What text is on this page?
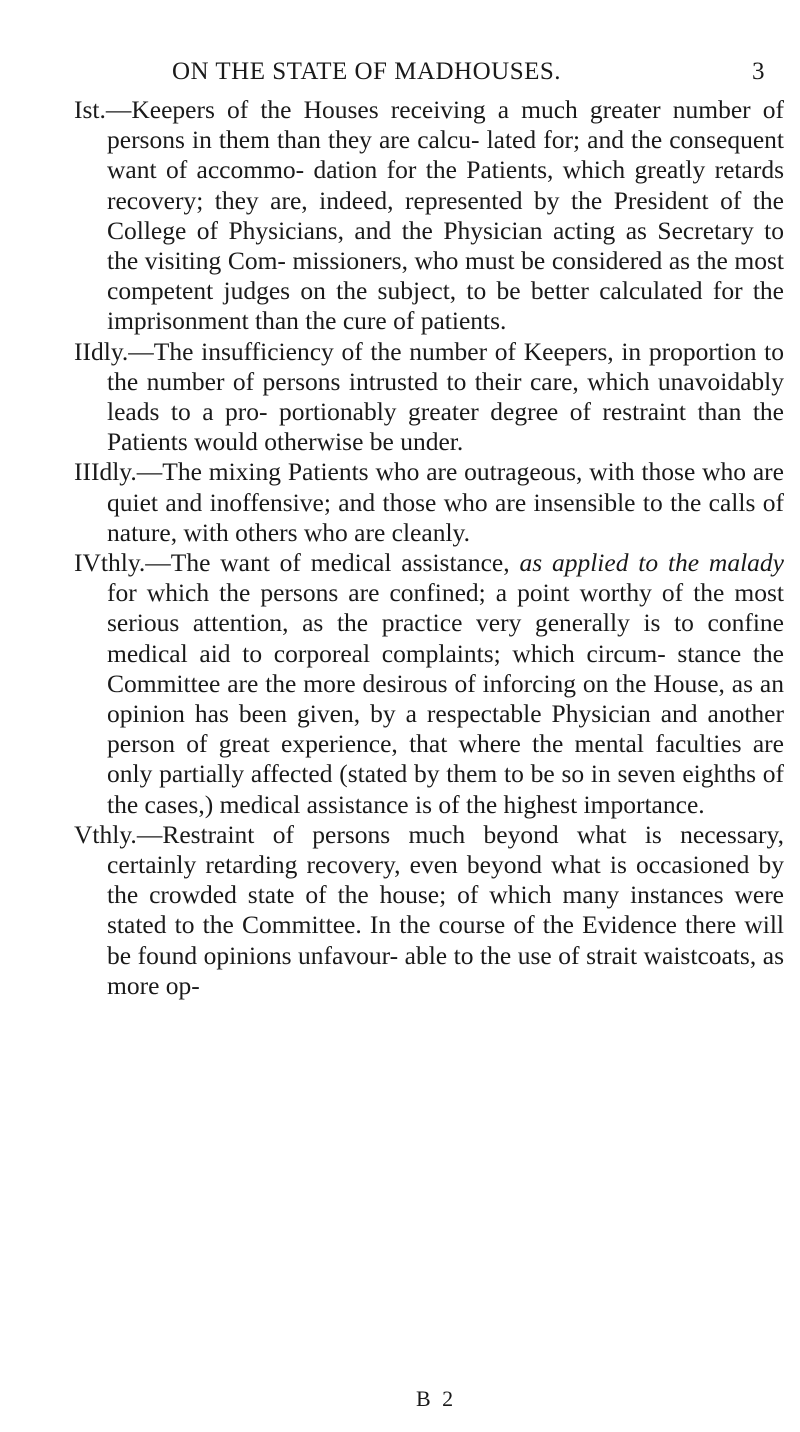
ON THE STATE OF MADHOUSES.	3

Ist.—Keepers of the Houses receiving a much greater number of persons in them than they are calcu- lated for; and the consequent want of accommo- dation for the Patients, which greatly retards recovery; they are, indeed, represented by the President of the College of Physicians, and the Physician acting as Secretary to the visiting Com- missioners, who must be considered as the most competent judges on the subject, to be better calculated for the imprisonment than the cure of patients.

IIdly.—The insufficiency of the number of Keepers, in proportion to the number of persons intrusted to their care, which unavoidably leads to a pro- portionably greater degree of restraint than the Patients would otherwise be under.

IIIdly.—The mixing Patients who are outrageous, with those who are quiet and inoffensive; and those who are insensible to the calls of nature, with others who are cleanly.

IVthly.—The want of medical assistance, as applied to the malady for which the persons are confined; a point worthy of the most serious attention, as the practice very generally is to confine medical aid to corporeal complaints; which circum- stance the Committee are the more desirous of inforcing on the House, as an opinion has been given, by a respectable Physician and another person of great experience, that where the mental faculties are only partially affected (stated by them to be so in seven eighths of the cases,) medical assistance is of the highest importance.

Vthly.—Restraint of persons much beyond what is necessary, certainly retarding recovery, even beyond what is occasioned by the crowded state of the house; of which many instances were stated to the Committee. In the course of the Evidence there will be found opinions unfavour- able to the use of strait waistcoats, as more op-

B 2
